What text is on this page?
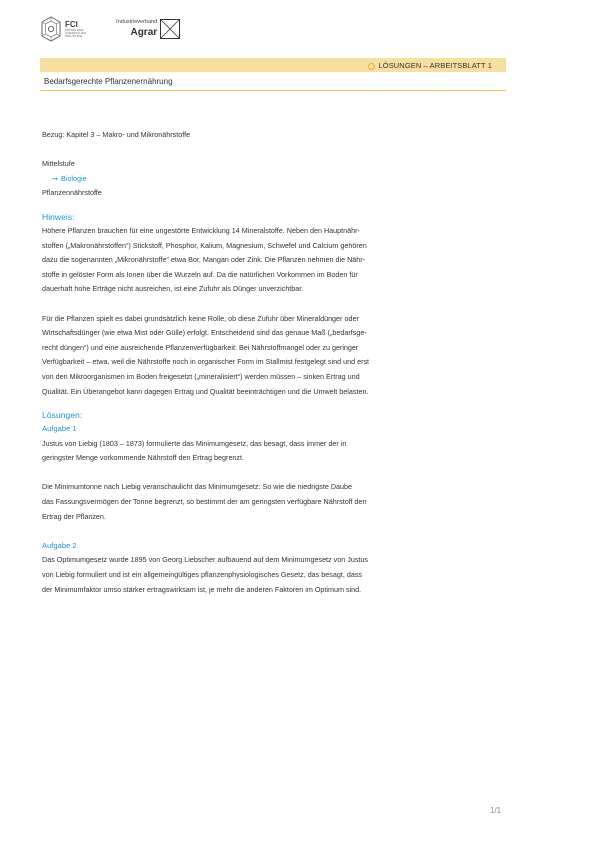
FCI
FONDS DER
CHEMISCHEN
INDUSTRIE
Industrieverband
Agrar
LÖSUNGEN – ARBEITSBLATT 1
Bedarfsgerechte Pflanzenernährung

Bezug: Kapitel 3 – Makro- und Mikronährstoffe

Mittelstufe

➞ Biologie

Pflanzennährstoffe

Hinweis:

Höhere Pflanzen brauchen für eine ungestörte Entwicklung 14 Mineralstoffe. Neben den Hauptnähr-

stoffen („Makronährstoffen“) Stickstoff, Phosphor, Kalium, Magnesium, Schwefel und Calcium gehören

dazu die sogenannten „Mikronährstoffe“ etwa Bor, Mangan oder Zink. Die Pflanzen nehmen die Nähr-

stoffe in gelöster Form als Ionen über die Wurzeln auf. Da die natürlichen Vorkommen im Boden für

dauerhaft hohe Erträge nicht ausreichen, ist eine Zufuhr als Dünger unverzichtbar.

Für die Pflanzen spielt es dabei grundsätzlich keine Rolle, ob diese Zufuhr über Mineraldünger oder

Wirtschaftsdünger (wie etwa Mist oder Gülle) erfolgt. Entscheidend sind das genaue Maß („bedarfsge-

recht düngen“) und eine ausreichende Pflanzenverfügbarkeit: Bei Nährstoffmangel oder zu geringer

Verfügbarkeit – etwa, weil die Nährstoffe noch in organischer Form im Stallmist festgelegt sind und erst

von den Mikroorganismen im Boden freigesetzt („mineralisiert“) werden müssen – sinken Ertrag und

Qualität. Ein Überangebot kann dagegen Ertrag und Qualität beeinträchtigen und die Umwelt belasten.

Lösungen:

Aufgabe 1

Justus von Liebig (1803 – 1873) formulierte das Minimumgesetz, das besagt, dass immer der in

geringster Menge vorkommende Nährstoff den Ertrag begrenzt.

Die Minimumtonne nach Liebig veranschaulicht das Minimumgesetz: So wie die niedrigste Daube

das Fassungsvermögen der Tonne begrenzt, so bestimmt der am geringsten verfügbare Nährstoff den

Ertrag der Pflanzen.

Aufgabe 2

Das Optimumgesetz wurde 1895 von Georg Liebscher aufbauend auf dem Minimumgesetz von Justus

von Liebig formuliert und ist ein allgemeingültiges pflanzenphysiologisches Gesetz, das besagt, dass

der Minimumfaktor umso stärker ertragswirksam ist, je mehr die anderen Faktoren im Optimum sind.

1/1
